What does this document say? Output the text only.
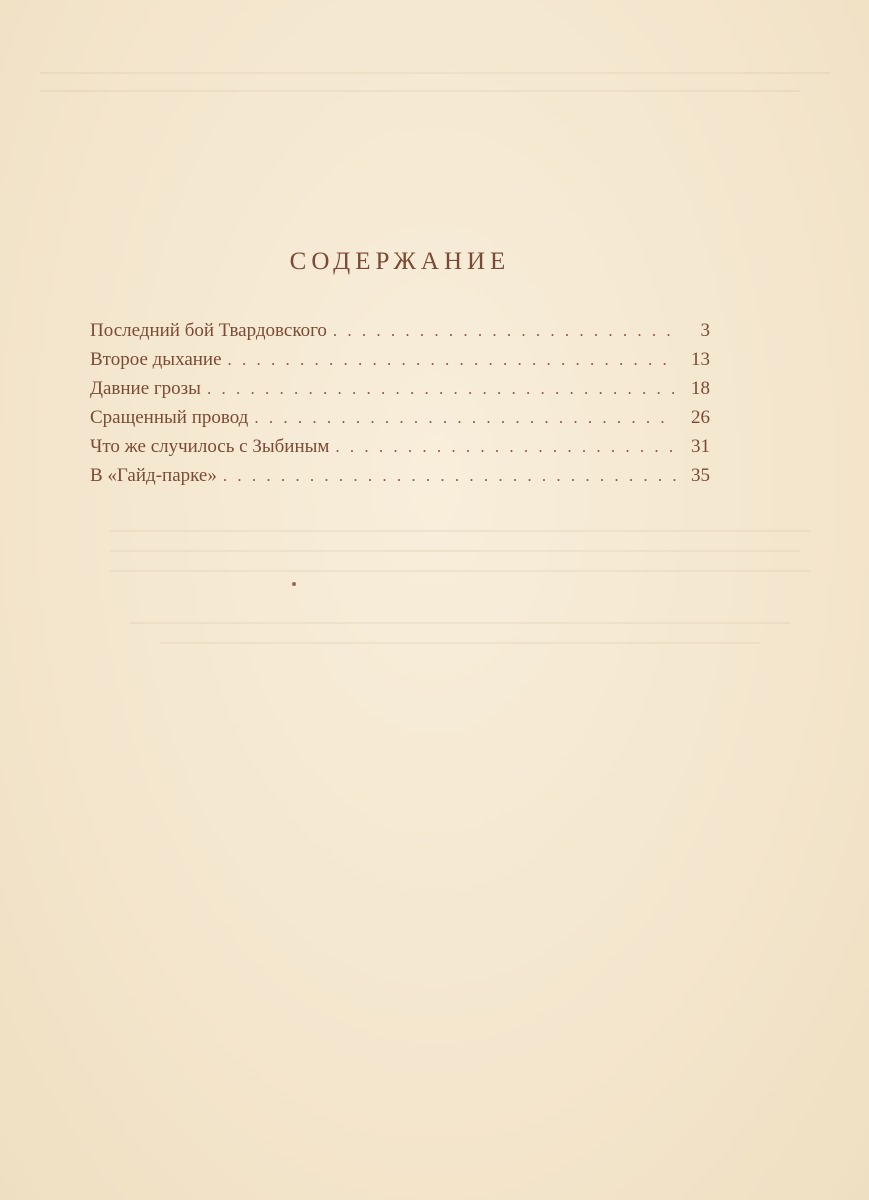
СОДЕРЖАНИЕ
Последний бой Твардовского . . .	3
Второе дыхание . . .	13
Давние грозы . . .	18
Сращенный провод . . .	26
Что же случилось с Зыбиным . . .	31
В «Гайд-парке» . . .	35
